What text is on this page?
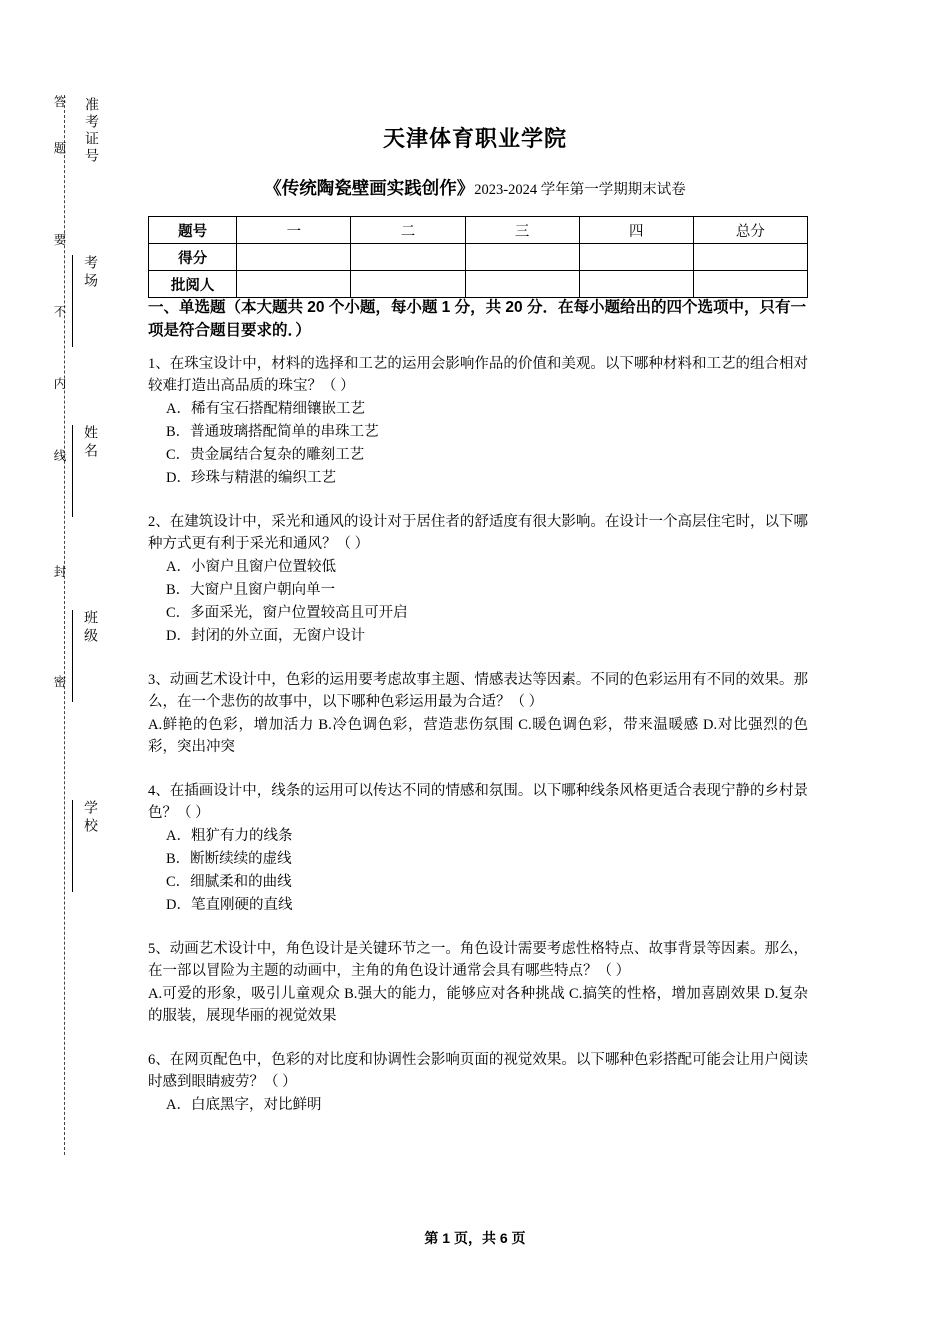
准考证号
答 题
要
不
内
线
封
密
考场
姓名
班级
学校
天津体育职业学院
《传统陶瓷壁画实践创作》2023-2024 学年第一学期期末试卷
题号	一	二	三	四	总分
得分					
批阅人					
一、单选题（本大题共 20 个小题，每小题 1 分，共 20 分．在每小题给出的四个选项中，只有一项是符合题目要求的．）
1、在珠宝设计中，材料的选择和工艺的运用会影响作品的价值和美观。以下哪种材料和工艺的组合相对较难打造出高品质的珠宝？（ ）
A．稀有宝石搭配精细镶嵌工艺
B．普通玻璃搭配简单的串珠工艺
C．贵金属结合复杂的雕刻工艺
D．珍珠与精湛的编织工艺
2、在建筑设计中，采光和通风的设计对于居住者的舒适度有很大影响。在设计一个高层住宅时，以下哪种方式更有利于采光和通风？（ ）
A．小窗户且窗户位置较低
B．大窗户且窗户朝向单一
C．多面采光，窗户位置较高且可开启
D．封闭的外立面，无窗户设计
3、动画艺术设计中，色彩的运用要考虑故事主题、情感表达等因素。不同的色彩运用有不同的效果。那么，在一个悲伤的故事中，以下哪种色彩运用最为合适？（ ）
A.鲜艳的色彩，增加活力 B.冷色调色彩，营造悲伤氛围 C.暖色调色彩，带来温暖感 D.对比强烈的色彩，突出冲突
4、在插画设计中，线条的运用可以传达不同的情感和氛围。以下哪种线条风格更适合表现宁静的乡村景色？（ ）
A．粗犷有力的线条
B．断断续续的虚线
C．细腻柔和的曲线
D．笔直刚硬的直线
5、动画艺术设计中，角色设计是关键环节之一。角色设计需要考虑性格特点、故事背景等因素。那么，在一部以冒险为主题的动画中，主角的角色设计通常会具有哪些特点？（ ）
A.可爱的形象，吸引儿童观众 B.强大的能力，能够应对各种挑战 C.搞笑的性格，增加喜剧效果 D.复杂的服装，展现华丽的视觉效果
6、在网页配色中，色彩的对比度和协调性会影响页面的视觉效果。以下哪种色彩搭配可能会让用户阅读时感到眼睛疲劳？（ ）
A．白底黑字，对比鲜明
第 1 页，共 6 页
